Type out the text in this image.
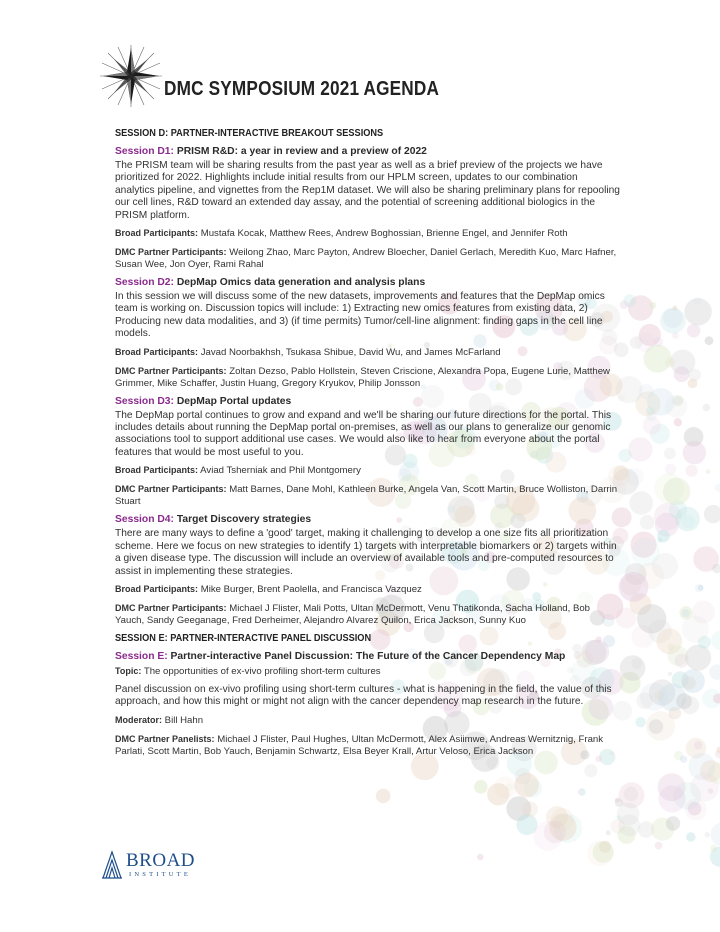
DMC SYMPOSIUM 2021 AGENDA
SESSION D: PARTNER-INTERACTIVE BREAKOUT SESSIONS
Session D1: PRISM R&D: a year in review and a preview of 2022

The PRISM team will be sharing results from the past year as well as a brief preview of the projects we have prioritized for 2022. Highlights include initial results from our HPLM screen, updates to our combination analytics pipeline, and vignettes from the Rep1M dataset. We will also be sharing preliminary plans for repooling our cell lines, R&D toward an extended day assay, and the potential of screening additional biologics in the PRISM platform.

Broad Participants: Mustafa Kocak, Matthew Rees, Andrew Boghossian, Brienne Engel, and Jennifer Roth

DMC Partner Participants: Weilong Zhao, Marc Payton, Andrew Bloecher, Daniel Gerlach, Meredith Kuo, Marc Hafner, Susan Wee, Jon Oyer, Rami Rahal

Session D2: DepMap Omics data generation and analysis plans

In this session we will discuss some of the new datasets, improvements and features that the DepMap omics team is working on. Discussion topics will include: 1) Extracting new omics features from existing data, 2) Producing new data modalities, and 3) (if time permits) Tumor/cell-line alignment: finding gaps in the cell line models.

Broad Participants: Javad Noorbakhsh, Tsukasa Shibue, David Wu, and James McFarland

DMC Partner Participants: Zoltan Dezso, Pablo Hollstein, Steven Criscione, Alexandra Popa, Eugene Lurie, Matthew Grimmer, Mike Schaffer, Justin Huang, Gregory Kryukov, Philip Jonsson

Session D3: DepMap Portal updates

The DepMap portal continues to grow and expand and we'll be sharing our future directions for the portal. This includes details about running the DepMap portal on-premises, as well as our plans to generalize our genomic associations tool to support additional use cases. We would also like to hear from everyone about the portal features that would be most useful to you.

Broad Participants: Aviad Tsherniak and Phil Montgomery

DMC Partner Participants: Matt Barnes, Dane Mohl, Kathleen Burke, Angela Van, Scott Martin, Bruce Wolliston, Darrin Stuart

Session D4: Target Discovery strategies

There are many ways to define a 'good' target, making it challenging to develop a one size fits all prioritization scheme. Here we focus on new strategies to identify 1) targets with interpretable biomarkers or 2) targets within a given disease type. The discussion will include an overview of available tools and pre-computed resources to assist in implementing these strategies.

Broad Participants: Mike Burger, Brent Paolella, and Francisca Vazquez

DMC Partner Participants: Michael J Flister, Mali Potts, Ultan McDermott, Venu Thatikonda, Sacha Holland, Bob Yauch, Sandy Geeganage, Fred Derheimer, Alejandro Alvarez Quilon, Erica Jackson, Sunny Kuo

SESSION E: PARTNER-INTERACTIVE PANEL DISCUSSION
Session E: Partner-interactive Panel Discussion: The Future of the Cancer Dependency Map

Topic: The opportunities of ex-vivo profiling short-term cultures

Panel discussion on ex-vivo profiling using short-term cultures - what is happening in the field, the value of this approach, and how this might or might not align with the cancer dependency map research in the future.

Moderator: Bill Hahn

DMC Partner Panelists: Michael J Flister, Paul Hughes, Ultan McDermott, Alex Asiimwe, Andreas Wernitznig, Frank Parlati, Scott Martin, Bob Yauch, Benjamin Schwartz, Elsa Beyer Krall, Artur Veloso, Erica Jackson

BROAD
INSTITUTE
